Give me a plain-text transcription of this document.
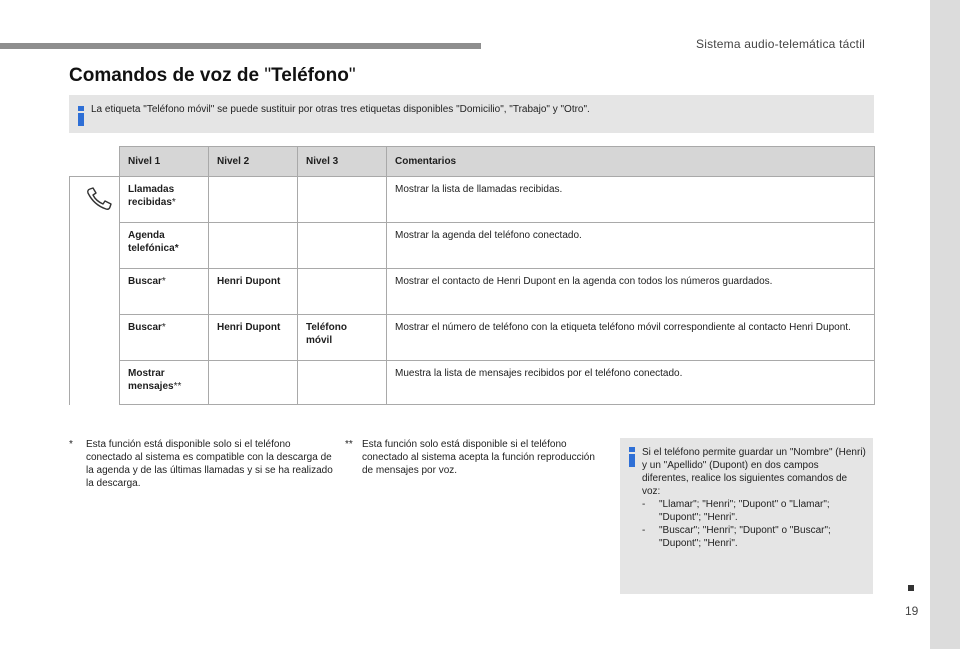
Sistema audio-telemática táctil
19
Comandos de voz de "Teléfono"
La etiqueta "Teléfono móvil" se puede sustituir por otras tres etiquetas disponibles "Domicilio", "Trabajo" y "Otro".
	Nivel 1	Nivel 2	Nivel 3	Comentarios

	Llamadas
recibidas*			Mostrar la lista de llamadas recibidas.
	Agenda
telefónica*			Mostrar la agenda del teléfono conectado.
	Buscar*	Henri Dupont		Mostrar el contacto de Henri Dupont en la agenda con todos los números guardados.
	Buscar*	Henri Dupont	Teléfono
móvil	Mostrar el número de teléfono con la etiqueta teléfono móvil correspondiente al contacto Henri Dupont.
	Mostrar
mensajes**			Muestra la lista de mensajes recibidos por el teléfono conectado.
* Esta función está disponible solo si el teléfono conectado al sistema es compatible con la descarga de la agenda y de las últimas llamadas y si se ha realizado la descarga.
** Esta función solo está disponible si el teléfono conectado al sistema acepta la función reproducción de mensajes por voz.

Si el teléfono permite guardar un "Nombre" (Henri) y un "Apellido" (Dupont) en dos campos diferentes, realice los siguientes comandos de voz:

- "Llamar"; "Henri"; "Dupont" o "Llamar"; "Dupont"; "Henri".
- "Buscar"; "Henri"; "Dupont" o "Buscar"; "Dupont"; "Henri".
